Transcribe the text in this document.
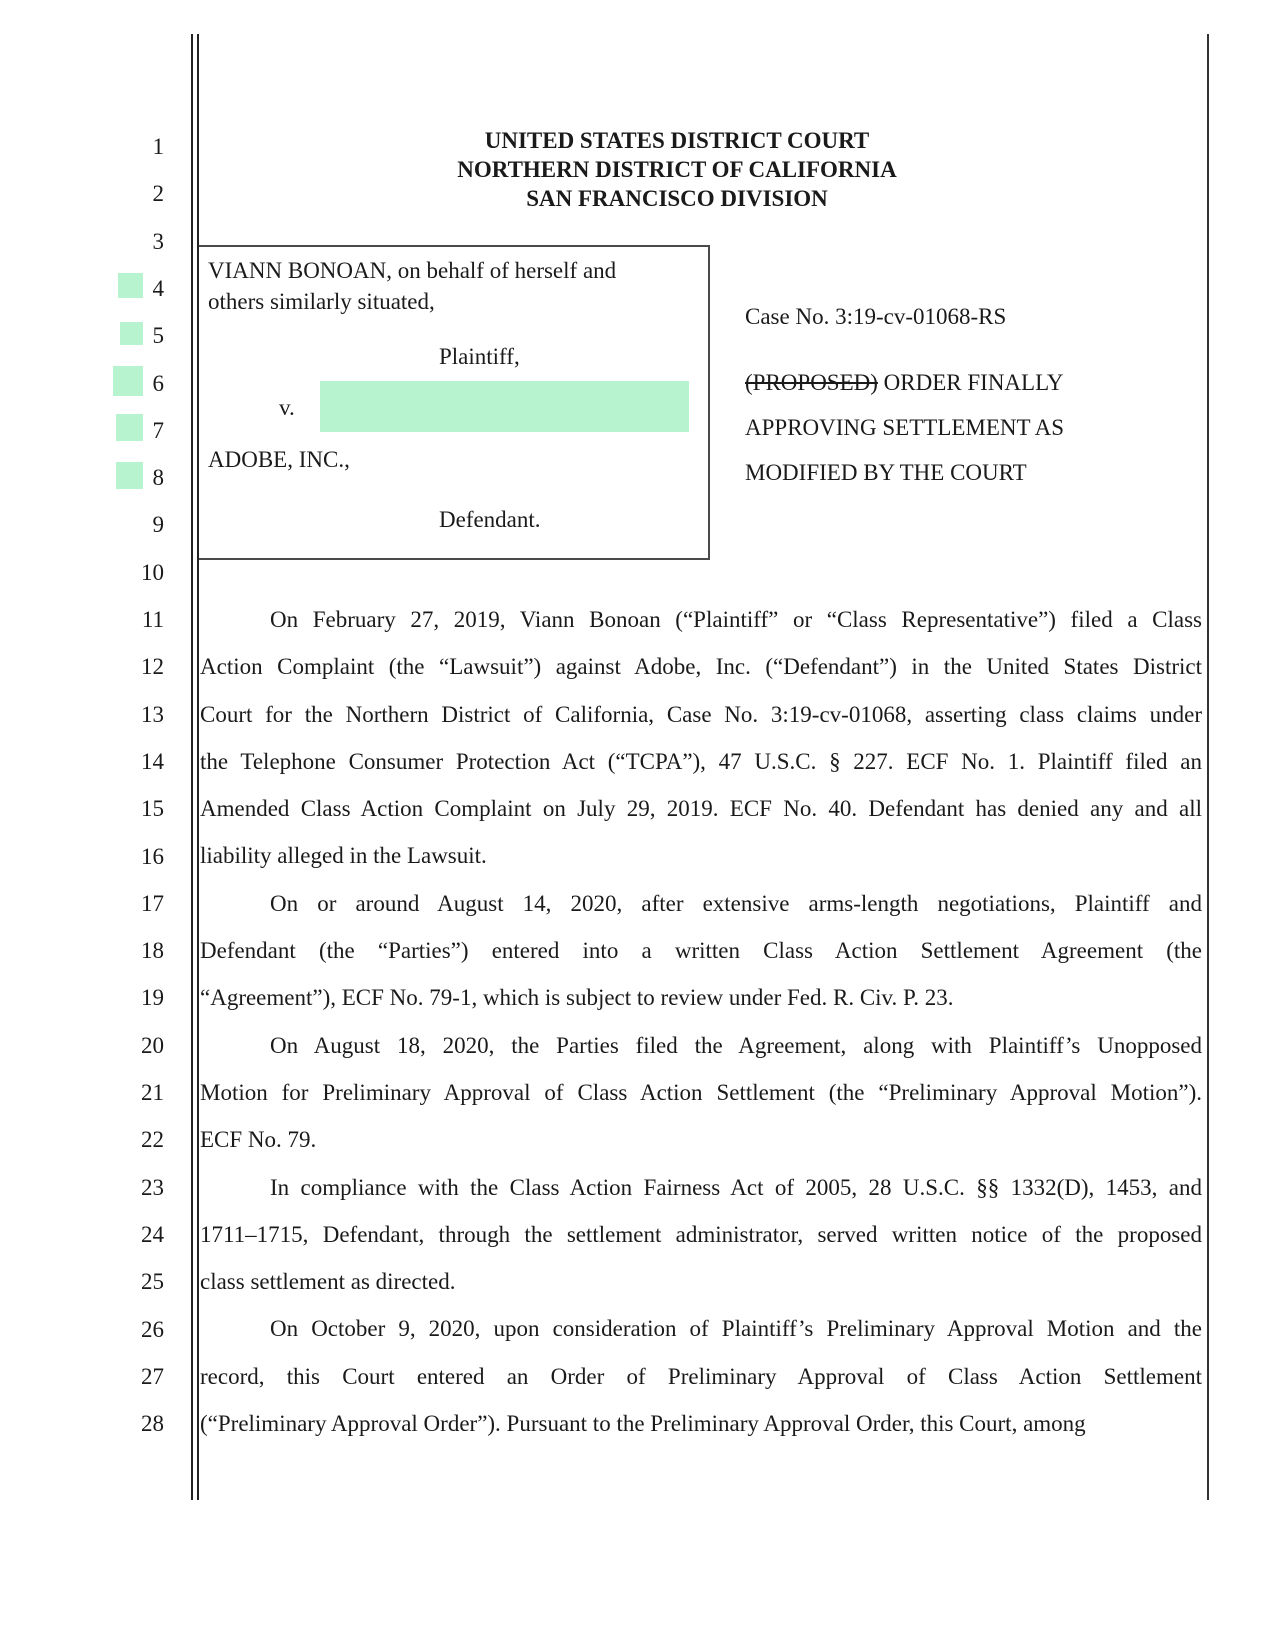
1
2
3
4
5
6
7
8
9
10
11
12
13
14
15
16
17
18
19
20
21
22
23
24
25
26
27
28
UNITED STATES DISTRICT COURT
NORTHERN DISTRICT OF CALIFORNIA
SAN FRANCISCO DIVISION
VIANN BONOAN, on behalf of herself and others similarly situated,
Plaintiff,
v.
ADOBE, INC.,
Defendant.
Case No. 3:19-cv-01068-RS
(PROPOSED) ORDER FINALLY APPROVING SETTLEMENT AS MODIFIED BY THE COURT
On February 27, 2019, Viann Bonoan (“Plaintiff” or “Class Representative”) filed a Class
Action Complaint (the “Lawsuit”) against Adobe, Inc. (“Defendant”) in the United States District
Court for the Northern District of California, Case No. 3:19-cv-01068, asserting class claims under
the Telephone Consumer Protection Act (“TCPA”), 47 U.S.C. § 227. ECF No. 1. Plaintiff filed an
Amended Class Action Complaint on July 29, 2019. ECF No. 40. Defendant has denied any and all
liability alleged in the Lawsuit.
On or around August 14, 2020, after extensive arms-length negotiations, Plaintiff and
Defendant (the “Parties”) entered into a written Class Action Settlement Agreement (the
“Agreement”), ECF No. 79-1, which is subject to review under Fed. R. Civ. P. 23.
On August 18, 2020, the Parties filed the Agreement, along with Plaintiff’s Unopposed
Motion for Preliminary Approval of Class Action Settlement (the “Preliminary Approval Motion”).
ECF No. 79.
In compliance with the Class Action Fairness Act of 2005, 28 U.S.C. §§ 1332(D), 1453, and
1711–1715, Defendant, through the settlement administrator, served written notice of the proposed
class settlement as directed.
On October 9, 2020, upon consideration of Plaintiff’s Preliminary Approval Motion and the
record, this Court entered an Order of Preliminary Approval of Class Action Settlement
(“Preliminary Approval Order”). Pursuant to the Preliminary Approval Order, this Court, among
